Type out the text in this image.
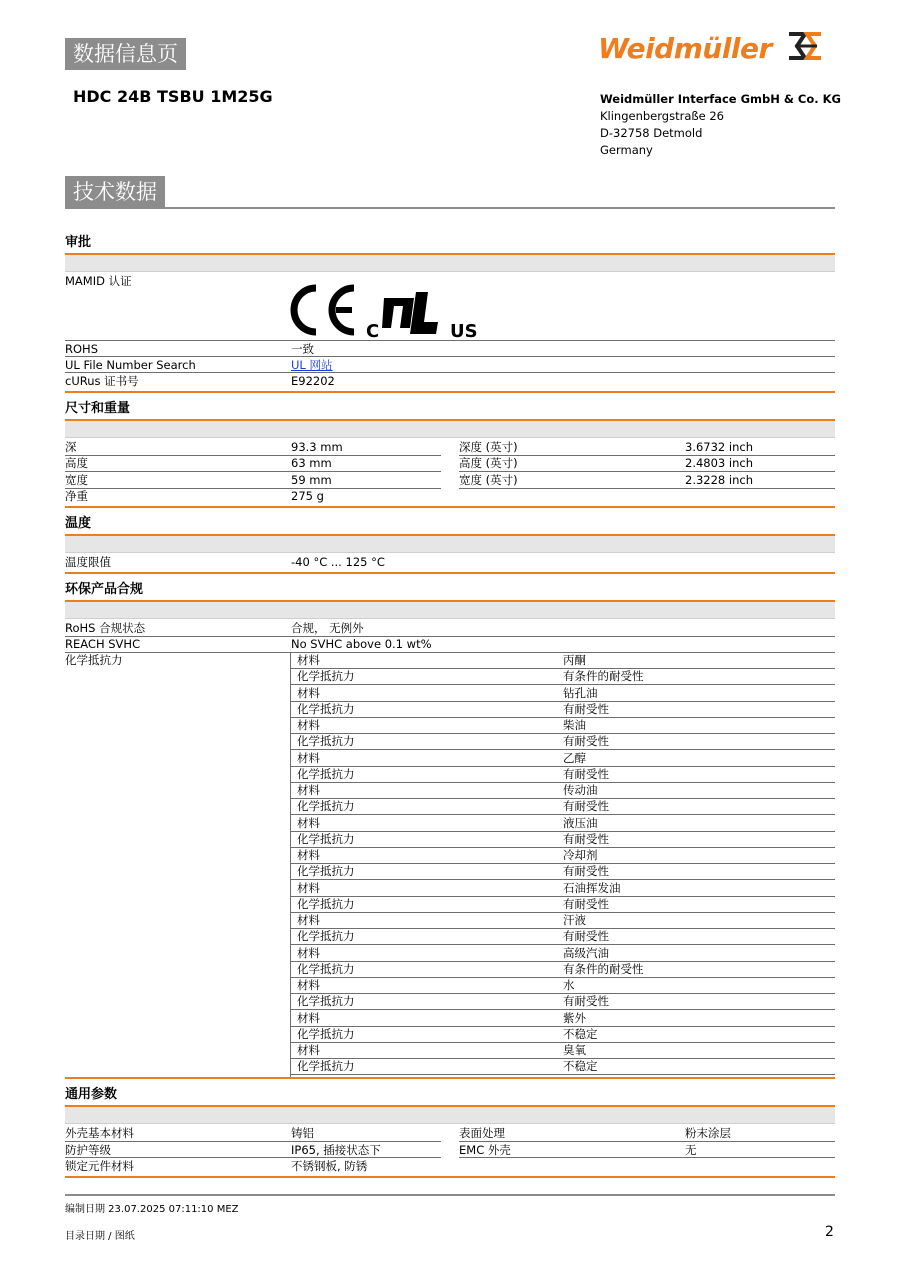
数据信息页
HDC 24B TSBU 1M25G
Weidmüller
Weidmüller Interface GmbH & Co. KG
Klingenbergstraße 26
D-32758 Detmold
Germany
技术数据
审批
MAMID 认证
C	US
ROHS	一致
UL File Number Search	UL 网站
cURus 证书号	E92202
尺寸和重量
深	93.3 mm	深度 (英寸)	3.6732 inch
高度	63 mm	高度 (英寸)	2.4803 inch
宽度	59 mm	宽度 (英寸)	2.3228 inch
净重	275 g
温度
温度限值	-40 °C ... 125 °C
环保产品合规
RoHS 合规状态	合规， 无例外
REACH SVHC	No SVHC above 0.1 wt%
化学抵抗力	材料	丙酮
化学抵抗力	有条件的耐受性
材料	钻孔油
化学抵抗力	有耐受性
材料	柴油
化学抵抗力	有耐受性
材料	乙醇
化学抵抗力	有耐受性
材料	传动油
化学抵抗力	有耐受性
材料	液压油
化学抵抗力	有耐受性
材料	冷却剂
化学抵抗力	有耐受性
材料	石油挥发油
化学抵抗力	有耐受性
材料	汗液
化学抵抗力	有耐受性
材料	高级汽油
化学抵抗力	有条件的耐受性
材料	水
化学抵抗力	有耐受性
材料	紫外
化学抵抗力	不稳定
材料	臭氧
化学抵抗力	不稳定
通用参数
外壳基本材料	铸铝	表面处理	粉末涂层
防护等级	IP65, 插接状态下	EMC 外壳	无
锁定元件材料	不锈钢板, 防锈
编制日期 23.07.2025 07:11:10 MEZ
目录日期 / 图纸	2
